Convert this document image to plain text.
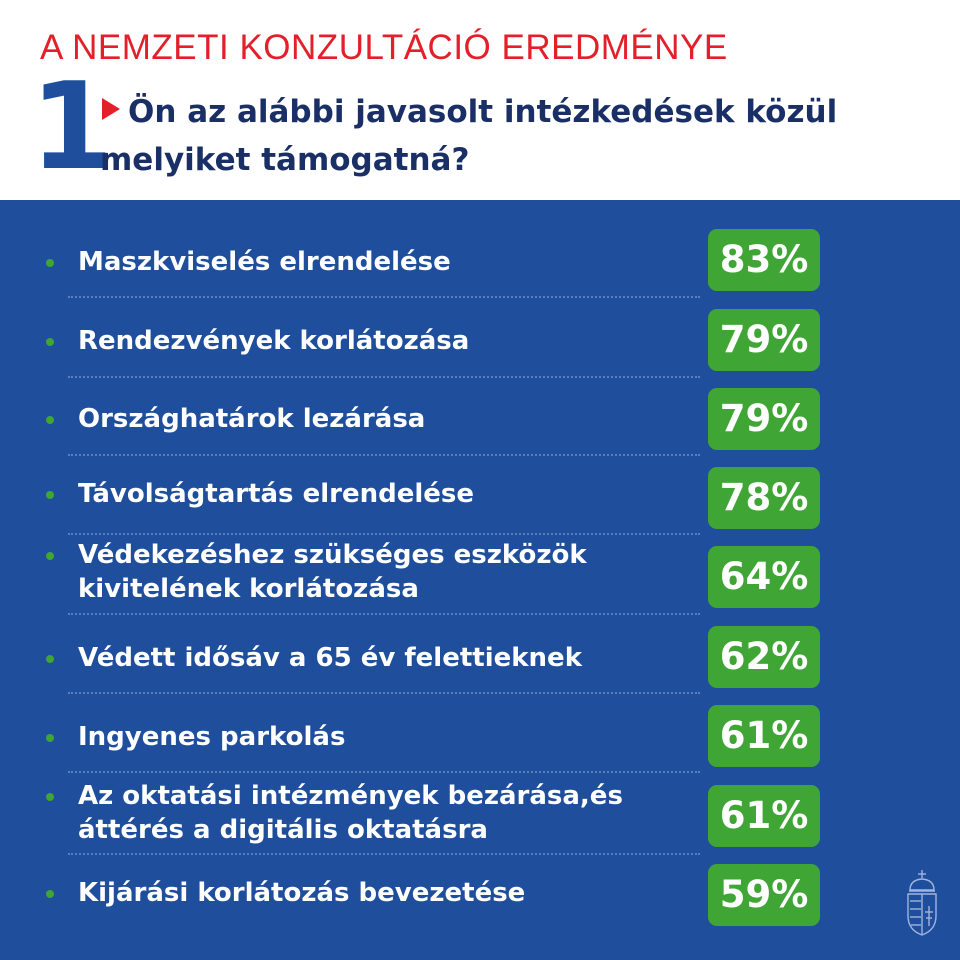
A NEMZETI KONZULTÁCIÓ EREDMÉNYE
1 Ön az alábbi javasolt intézkedések közül melyiket támogatná?
Maszkviselés elrendelése	83%
Rendezvények korlátozása	79%
Országhatárok lezárása	79%
Távolságtartás elrendelése	78%
Védekezéshez szükséges eszközök kivitelének korlátozása	64%
Védett idősáv a 65 év felettieknek	62%
Ingyenes parkolás	61%
Az oktatási intézmények bezárása,és áttérés a digitális oktatásra	61%
Kijárási korlátozás bevezetése	59%
